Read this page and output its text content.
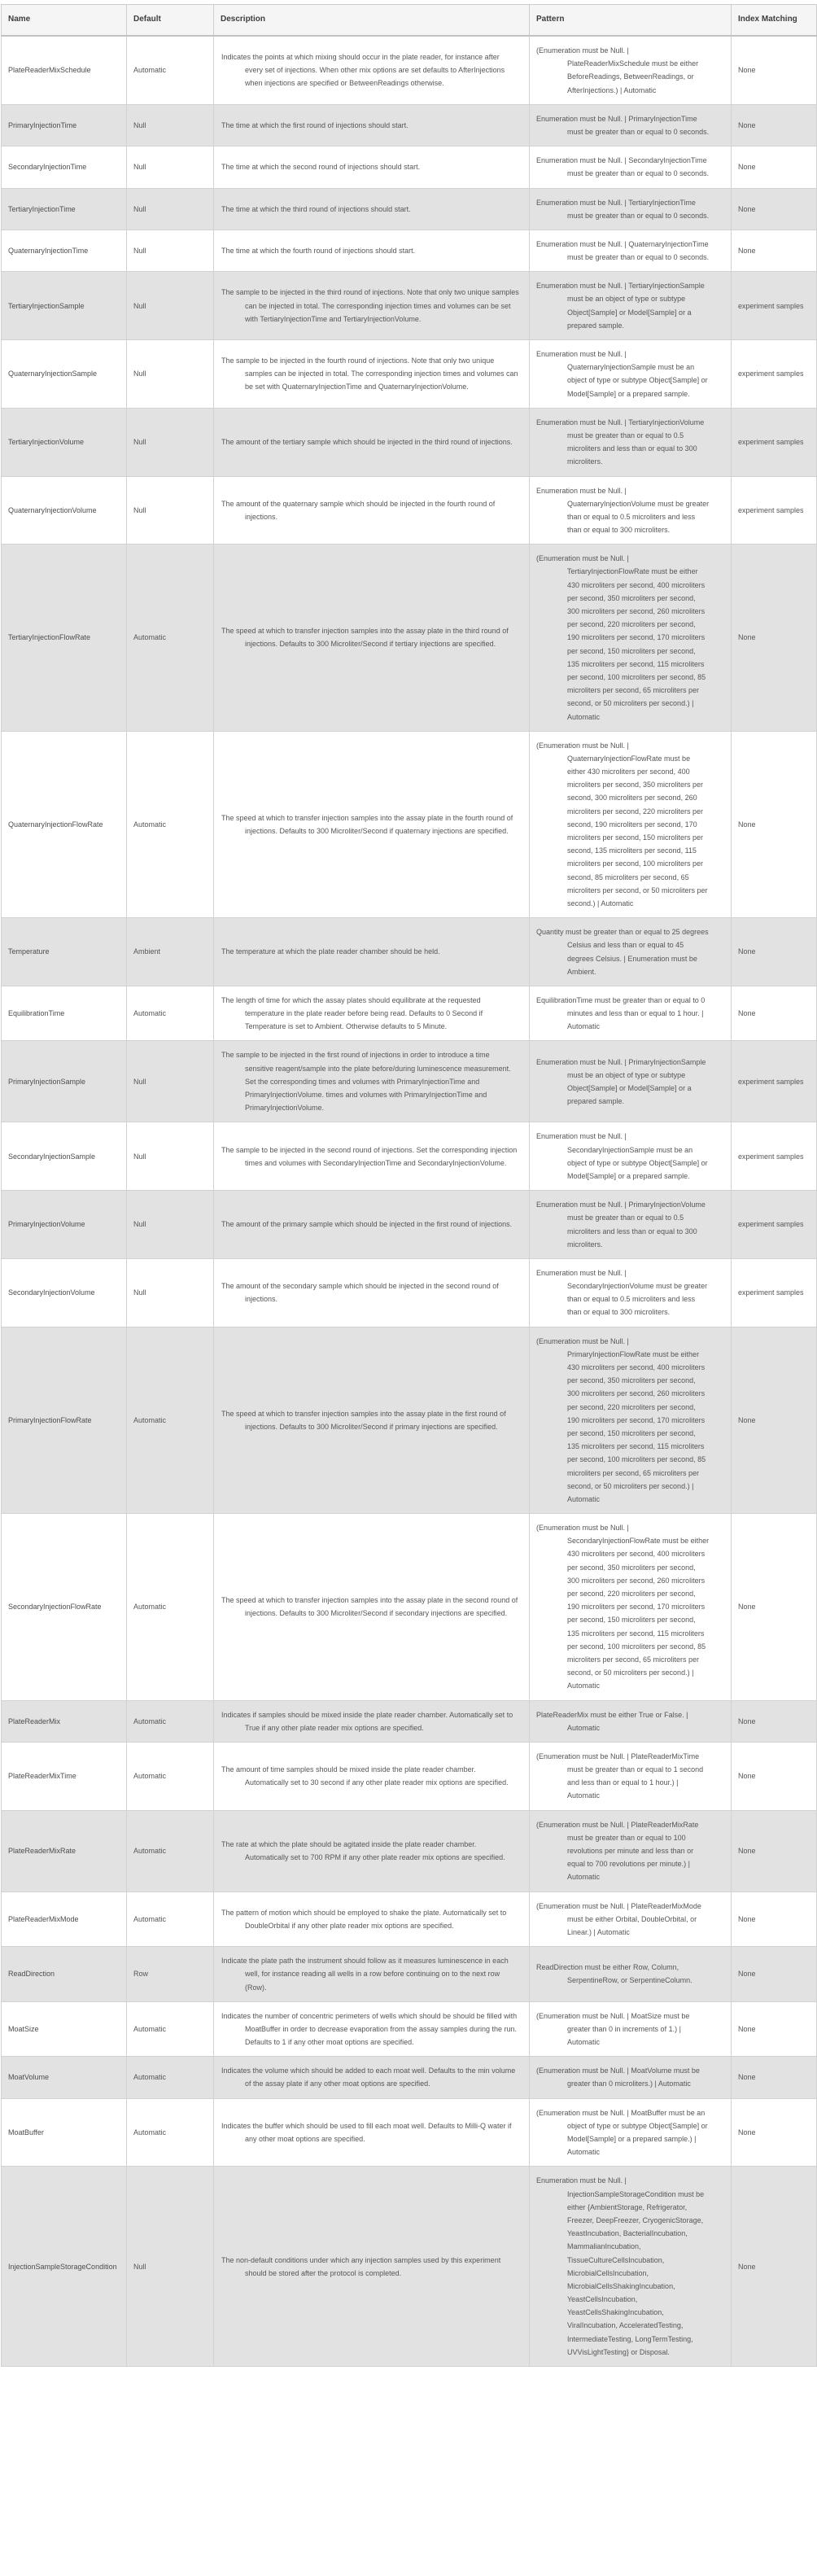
Name	Default	Description	Pattern	Index Matching
PlateReaderMixSchedule	Automatic	Indicates the points at which mixing should occur in the plate reader, for instance after every set of injections. When other mix options are set defaults to AfterInjections when injections are specified or BetweenReadings otherwise.	(Enumeration must be Null. | PlateReaderMixSchedule must be either BeforeReadings, BetweenReadings, or AfterInjections.) | Automatic	None
PrimaryInjectionTime	Null	The time at which the first round of injections should start.	Enumeration must be Null. | PrimaryInjectionTime must be greater than or equal to 0 seconds.	None
SecondaryInjectionTime	Null	The time at which the second round of injections should start.	Enumeration must be Null. | SecondaryInjectionTime must be greater than or equal to 0 seconds.	None
TertiaryInjectionTime	Null	The time at which the third round of injections should start.	Enumeration must be Null. | TertiaryInjectionTime must be greater than or equal to 0 seconds.	None
QuaternaryInjectionTime	Null	The time at which the fourth round of injections should start.	Enumeration must be Null. | QuaternaryInjectionTime must be greater than or equal to 0 seconds.	None
TertiaryInjectionSample	Null	The sample to be injected in the third round of injections. Note that only two unique samples can be injected in total. The corresponding injection times and volumes can be set with TertiaryInjectionTime and TertiaryInjectionVolume.	Enumeration must be Null. | TertiaryInjectionSample must be an object of type or subtype Object[Sample] or Model[Sample] or a prepared sample.	experiment samples
QuaternaryInjectionSample	Null	The sample to be injected in the fourth round of injections. Note that only two unique samples can be injected in total. The corresponding injection times and volumes can be set with QuaternaryInjectionTime and QuaternaryInjectionVolume.	Enumeration must be Null. | QuaternaryInjectionSample must be an object of type or subtype Object[Sample] or Model[Sample] or a prepared sample.	experiment samples
TertiaryInjectionVolume	Null	The amount of the tertiary sample which should be injected in the third round of injections.	Enumeration must be Null. | TertiaryInjectionVolume must be greater than or equal to 0.5 microliters and less than or equal to 300 microliters.	experiment samples
QuaternaryInjectionVolume	Null	The amount of the quaternary sample which should be injected in the fourth round of injections.	Enumeration must be Null. | QuaternaryInjectionVolume must be greater than or equal to 0.5 microliters and less than or equal to 300 microliters.	experiment samples
TertiaryInjectionFlowRate	Automatic	The speed at which to transfer injection samples into the assay plate in the third round of injections. Defaults to 300 Microliter/Second if tertiary injections are specified.	(Enumeration must be Null. | TertiaryInjectionFlowRate must be either 430 microliters per second, 400 microliters per second, 350 microliters per second, 300 microliters per second, 260 microliters per second, 220 microliters per second, 190 microliters per second, 170 microliters per second, 150 microliters per second, 135 microliters per second, 115 microliters per second, 100 microliters per second, 85 microliters per second, 65 microliters per second, or 50 microliters per second.) | Automatic	None
QuaternaryInjectionFlowRate	Automatic	The speed at which to transfer injection samples into the assay plate in the fourth round of injections. Defaults to 300 Microliter/Second if quaternary injections are specified.	(Enumeration must be Null. | QuaternaryInjectionFlowRate must be either 430 microliters per second, 400 microliters per second, 350 microliters per second, 300 microliters per second, 260 microliters per second, 220 microliters per second, 190 microliters per second, 170 microliters per second, 150 microliters per second, 135 microliters per second, 115 microliters per second, 100 microliters per second, 85 microliters per second, 65 microliters per second, or 50 microliters per second.) | Automatic	None
Temperature	Ambient	The temperature at which the plate reader chamber should be held.	Quantity must be greater than or equal to 25 degrees Celsius and less than or equal to 45 degrees Celsius. | Enumeration must be Ambient.	None
EquilibrationTime	Automatic	The length of time for which the assay plates should equilibrate at the requested temperature in the plate reader before being read. Defaults to 0 Second if Temperature is set to Ambient. Otherwise defaults to 5 Minute.	EquilibrationTime must be greater than or equal to 0 minutes and less than or equal to 1 hour. | Automatic	None
PrimaryInjectionSample	Null	The sample to be injected in the first round of injections in order to introduce a time sensitive reagent/sample into the plate before/during luminescence measurement. Set the corresponding times and volumes with PrimaryInjectionTime and PrimaryInjectionVolume. times and volumes with PrimaryInjectionTime and PrimaryInjectionVolume.	Enumeration must be Null. | PrimaryInjectionSample must be an object of type or subtype Object[Sample] or Model[Sample] or a prepared sample.	experiment samples
SecondaryInjectionSample	Null	The sample to be injected in the second round of injections. Set the corresponding injection times and volumes with SecondaryInjectionTime and SecondaryInjectionVolume.	Enumeration must be Null. | SecondaryInjectionSample must be an object of type or subtype Object[Sample] or Model[Sample] or a prepared sample.	experiment samples
PrimaryInjectionVolume	Null	The amount of the primary sample which should be injected in the first round of injections.	Enumeration must be Null. | PrimaryInjectionVolume must be greater than or equal to 0.5 microliters and less than or equal to 300 microliters.	experiment samples
SecondaryInjectionVolume	Null	The amount of the secondary sample which should be injected in the second round of injections.	Enumeration must be Null. | SecondaryInjectionVolume must be greater than or equal to 0.5 microliters and less than or equal to 300 microliters.	experiment samples
PrimaryInjectionFlowRate	Automatic	The speed at which to transfer injection samples into the assay plate in the first round of injections. Defaults to 300 Microliter/Second if primary injections are specified.	(Enumeration must be Null. | PrimaryInjectionFlowRate must be either 430 microliters per second, 400 microliters per second, 350 microliters per second, 300 microliters per second, 260 microliters per second, 220 microliters per second, 190 microliters per second, 170 microliters per second, 150 microliters per second, 135 microliters per second, 115 microliters per second, 100 microliters per second, 85 microliters per second, 65 microliters per second, or 50 microliters per second.) | Automatic	None
SecondaryInjectionFlowRate	Automatic	The speed at which to transfer injection samples into the assay plate in the second round of injections. Defaults to 300 Microliter/Second if secondary injections are specified.	(Enumeration must be Null. | SecondaryInjectionFlowRate must be either 430 microliters per second, 400 microliters per second, 350 microliters per second, 300 microliters per second, 260 microliters per second, 220 microliters per second, 190 microliters per second, 170 microliters per second, 150 microliters per second, 135 microliters per second, 115 microliters per second, 100 microliters per second, 85 microliters per second, 65 microliters per second, or 50 microliters per second.) | Automatic	None
PlateReaderMix	Automatic	Indicates if samples should be mixed inside the plate reader chamber. Automatically set to True if any other plate reader mix options are specified.	PlateReaderMix must be either True or False. | Automatic	None
PlateReaderMixTime	Automatic	The amount of time samples should be mixed inside the plate reader chamber. Automatically set to 30 second if any other plate reader mix options are specified.	(Enumeration must be Null. | PlateReaderMixTime must be greater than or equal to 1 second and less than or equal to 1 hour.) | Automatic	None
PlateReaderMixRate	Automatic	The rate at which the plate should be agitated inside the plate reader chamber. Automatically set to 700 RPM if any other plate reader mix options are specified.	(Enumeration must be Null. | PlateReaderMixRate must be greater than or equal to 100 revolutions per minute and less than or equal to 700 revolutions per minute.) | Automatic	None
PlateReaderMixMode	Automatic	The pattern of motion which should be employed to shake the plate. Automatically set to DoubleOrbital if any other plate reader mix options are specified.	(Enumeration must be Null. | PlateReaderMixMode must be either Orbital, DoubleOrbital, or Linear.) | Automatic	None
ReadDirection	Row	Indicate the plate path the instrument should follow as it measures luminescence in each well, for instance reading all wells in a row before continuing on to the next row (Row).	ReadDirection must be either Row, Column, SerpentineRow, or SerpentineColumn.	None
MoatSize	Automatic	Indicates the number of concentric perimeters of wells which should be should be filled with MoatBuffer in order to decrease evaporation from the assay samples during the run. Defaults to 1 if any other moat options are specified.	(Enumeration must be Null. | MoatSize must be greater than 0 in increments of 1.) | Automatic	None
MoatVolume	Automatic	Indicates the volume which should be added to each moat well. Defaults to the min volume of the assay plate if any other moat options are specified.	(Enumeration must be Null. | MoatVolume must be greater than 0 microliters.) | Automatic	None
MoatBuffer	Automatic	Indicates the buffer which should be used to fill each moat well. Defaults to Milli-Q water if any other moat options are specified.	(Enumeration must be Null. | MoatBuffer must be an object of type or subtype Object[Sample] or Model[Sample] or a prepared sample.) | Automatic	None
InjectionSampleStorageCondition	Null	The non-default conditions under which any injection samples used by this experiment should be stored after the protocol is completed.	Enumeration must be Null. | InjectionSampleStorageCondition must be either {AmbientStorage, Refrigerator, Freezer, DeepFreezer, CryogenicStorage, YeastIncubation, BacterialIncubation, MammalianIncubation, TissueCultureCellsIncubation, MicrobialCellsIncubation, MicrobialCellsShakingIncubation, YeastCellsIncubation, YeastCellsShakingIncubation, ViralIncubation, AcceleratedTesting, IntermediateTesting, LongTermTesting, UVVisLightTesting} or Disposal.	None
